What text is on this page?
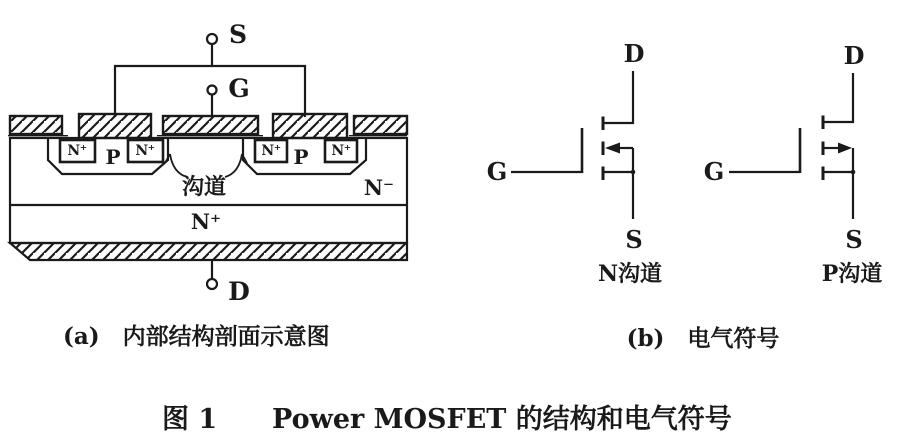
S
G
D
N⁺	N⁺	N⁺	N⁺
P	P
沟道	N⁻
N⁺
(a)　内部结构剖面示意图
D
G
S
N沟道
D
G
S
P沟道
(b)　电气符号
图 1 Power MOSFET 的结构和电气符号
